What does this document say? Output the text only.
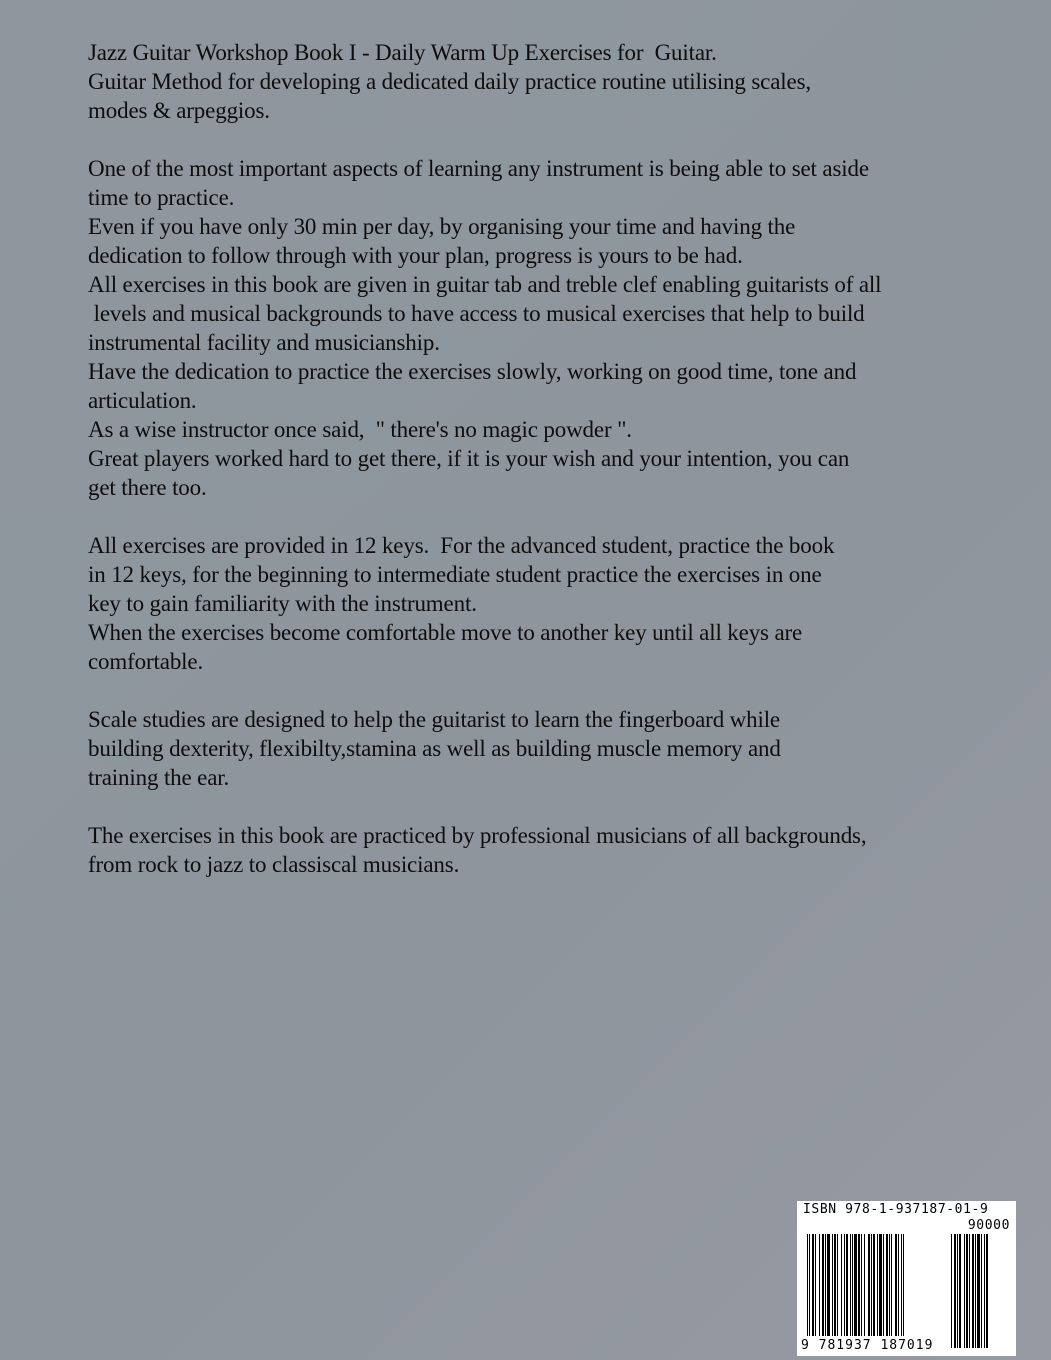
Jazz Guitar Workshop Book I - Daily Warm Up Exercises for  Guitar.
Guitar Method for developing a dedicated daily practice routine utilising scales,
modes & arpeggios.
One of the most important aspects of learning any instrument is being able to set aside
time to practice.
Even if you have only 30 min per day, by organising your time and having the
dedication to follow through with your plan, progress is yours to be had.
All exercises in this book are given in guitar tab and treble clef enabling guitarists of all
levels and musical backgrounds to have access to musical exercises that help to build
instrumental facility and musicianship.
Have the dedication to practice the exercises slowly, working on good time, tone and
articulation.
As a wise instructor once said,  " there's no magic powder ".
Great players worked hard to get there, if it is your wish and your intention, you can
get there too.
All exercises are provided in 12 keys.  For the advanced student, practice the book
in 12 keys, for the beginning to intermediate student practice the exercises in one
key to gain familiarity with the instrument.
When the exercises become comfortable move to another key until all keys are
comfortable.
Scale studies are designed to help the guitarist to learn the fingerboard while
building dexterity, flexibilty,stamina as well as building muscle memory and
training the ear.
The exercises in this book are practiced by professional musicians of all backgrounds,
from rock to jazz to classiscal musicians.
ISBN 978-1-937187-01-9
90000
9 781937 187019
